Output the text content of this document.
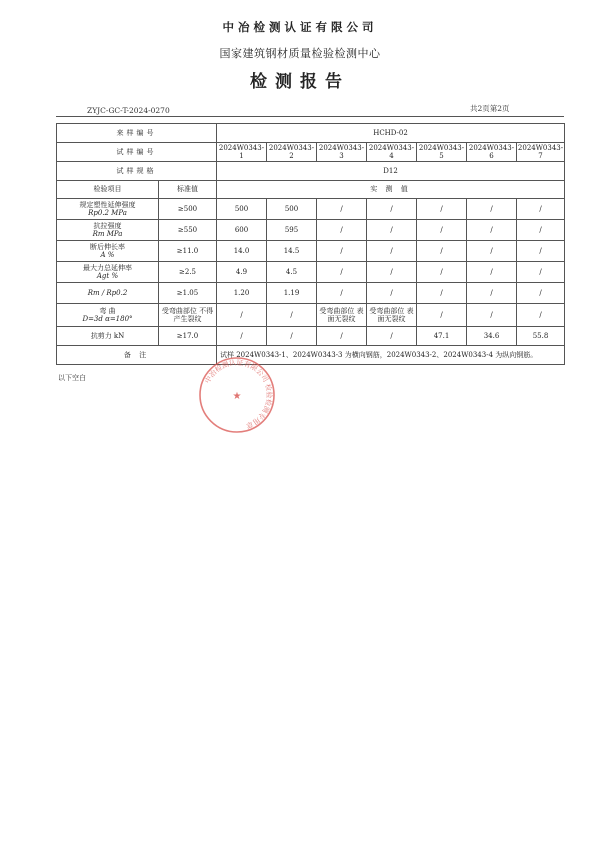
中冶检测认证有限公司
国家建筑钢材质量检验检测中心
检测报告
ZYJC-GC-T-2024-0270	共2页第2页
来样编号		HCHD-02						
试样编号		2024W0343-1	2024W0343-2	2024W0343-3	2024W0343-4	2024W0343-5	2024W0343-6	2024W0343-7
试样规格		D12						
检验项目	标准值	实 测 值						

规定塑性延伸强度
Rp0.2 MPa	≥500	500	500	/	/	/	/	/

抗拉强度
Rm MPa	≥550	600	595	/	/	/	/	/

断后伸长率
A %	≥11.0	14.0	14.5	/	/	/	/	/

最大力总延伸率
Agt %	≥2.5	4.9	4.5	/	/	/	/	/
Rm / Rp0.2	≥1.05	1.20	1.19	/	/	/	/	/

弯 曲
D=3d α=180°	受弯曲部位 不得产生裂纹	/	/	受弯曲部位 表面无裂纹	受弯曲部位 表面无裂纹	/	/	/
抗剪力 kN	≥17.0	/	/	/	/	47.1	34.6	55.8
备 注		试样 2024W0343-1、2024W0343-3 为横向钢筋，2024W0343-2、2024W0343-4 为纵向钢筋。						
以下空白	中冶检测认证有限公司 检验检测专用章
★
